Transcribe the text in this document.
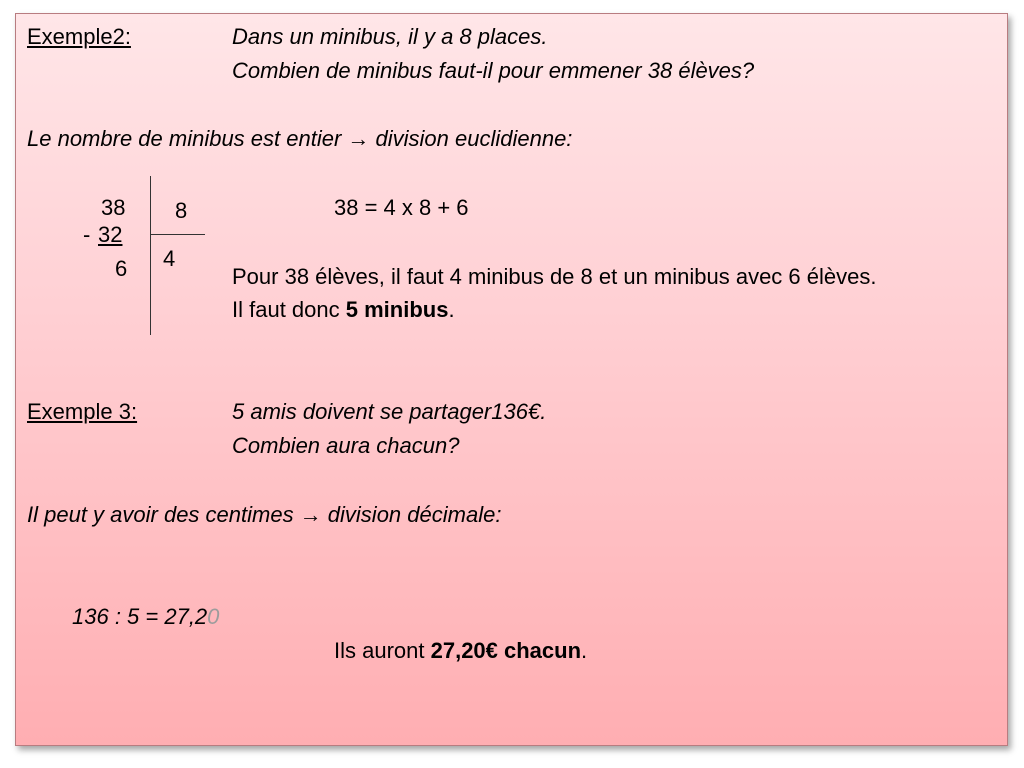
Exemple2:	Dans un minibus, il y a 8 places.
Combien de minibus faut-il pour emmener 38 élèves?
Le nombre de minibus est entier → division euclidienne:
38 8
- 32
6 4
38 = 4 x 8 + 6
Pour 38 élèves, il faut 4 minibus de 8 et un minibus avec 6 élèves.
Il faut donc 5 minibus.
Exemple 3:	5 amis doivent se partager136€.
Combien aura chacun?
Il peut y avoir des centimes → division décimale:
136 : 5 = 27,20
Ils auront 27,20€ chacun.
